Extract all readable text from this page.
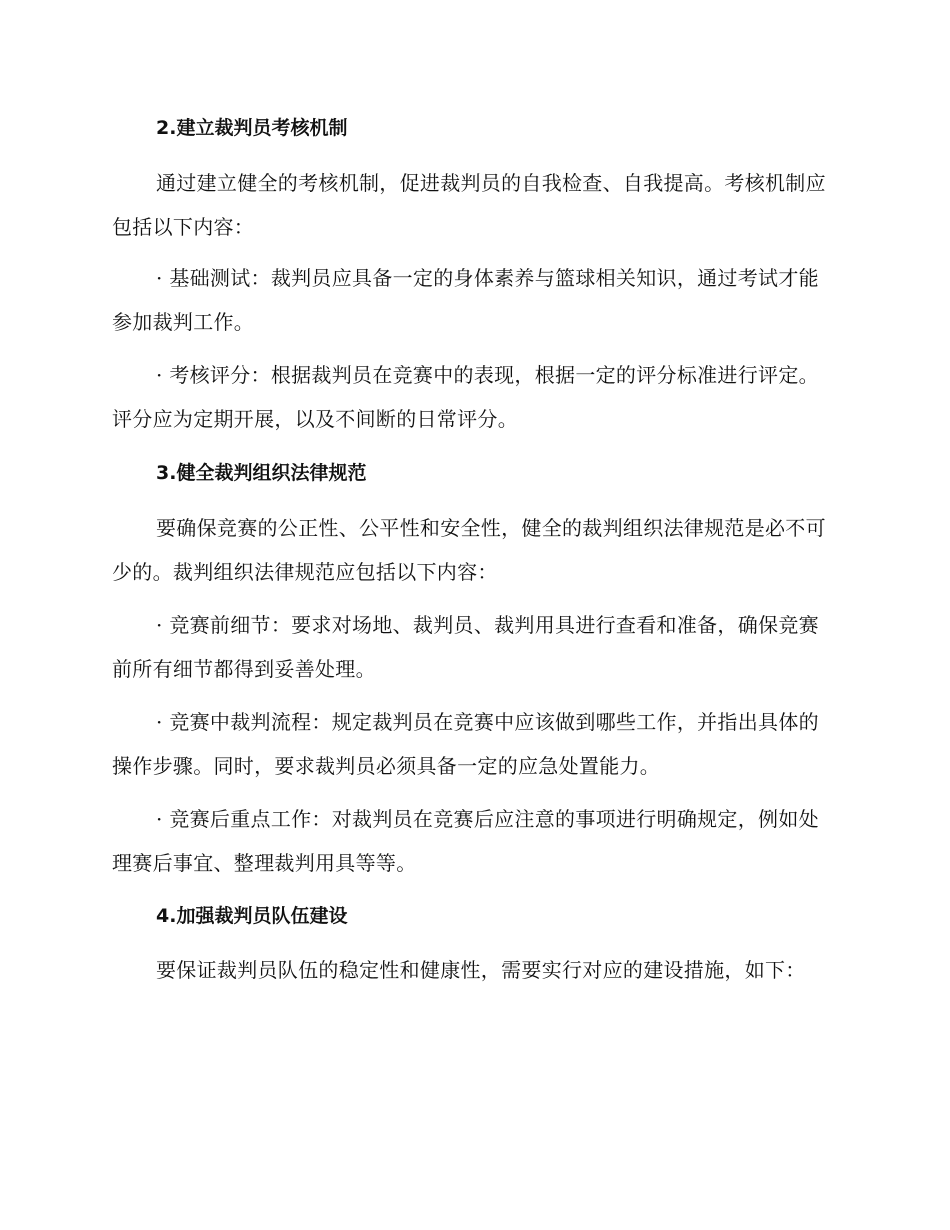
2.建立裁判员考核机制

通过建立健全的考核机制，促进裁判员的自我检查、自我提高。考核机制应包括以下内容：

· 基础测试：裁判员应具备一定的身体素养与篮球相关知识，通过考试才能参加裁判工作。

· 考核评分：根据裁判员在竞赛中的表现，根据一定的评分标准进行评定。评分应为定期开展，以及不间断的日常评分。

3.健全裁判组织法律规范

要确保竞赛的公正性、公平性和安全性，健全的裁判组织法律规范是必不可少的。裁判组织法律规范应包括以下内容：

· 竞赛前细节：要求对场地、裁判员、裁判用具进行查看和准备，确保竞赛前所有细节都得到妥善处理。

· 竞赛中裁判流程：规定裁判员在竞赛中应该做到哪些工作，并指出具体的操作步骤。同时，要求裁判员必须具备一定的应急处置能力。

· 竞赛后重点工作：对裁判员在竞赛后应注意的事项进行明确规定，例如处理赛后事宜、整理裁判用具等等。

4.加强裁判员队伍建设

要保证裁判员队伍的稳定性和健康性，需要实行对应的建设措施，如下：
